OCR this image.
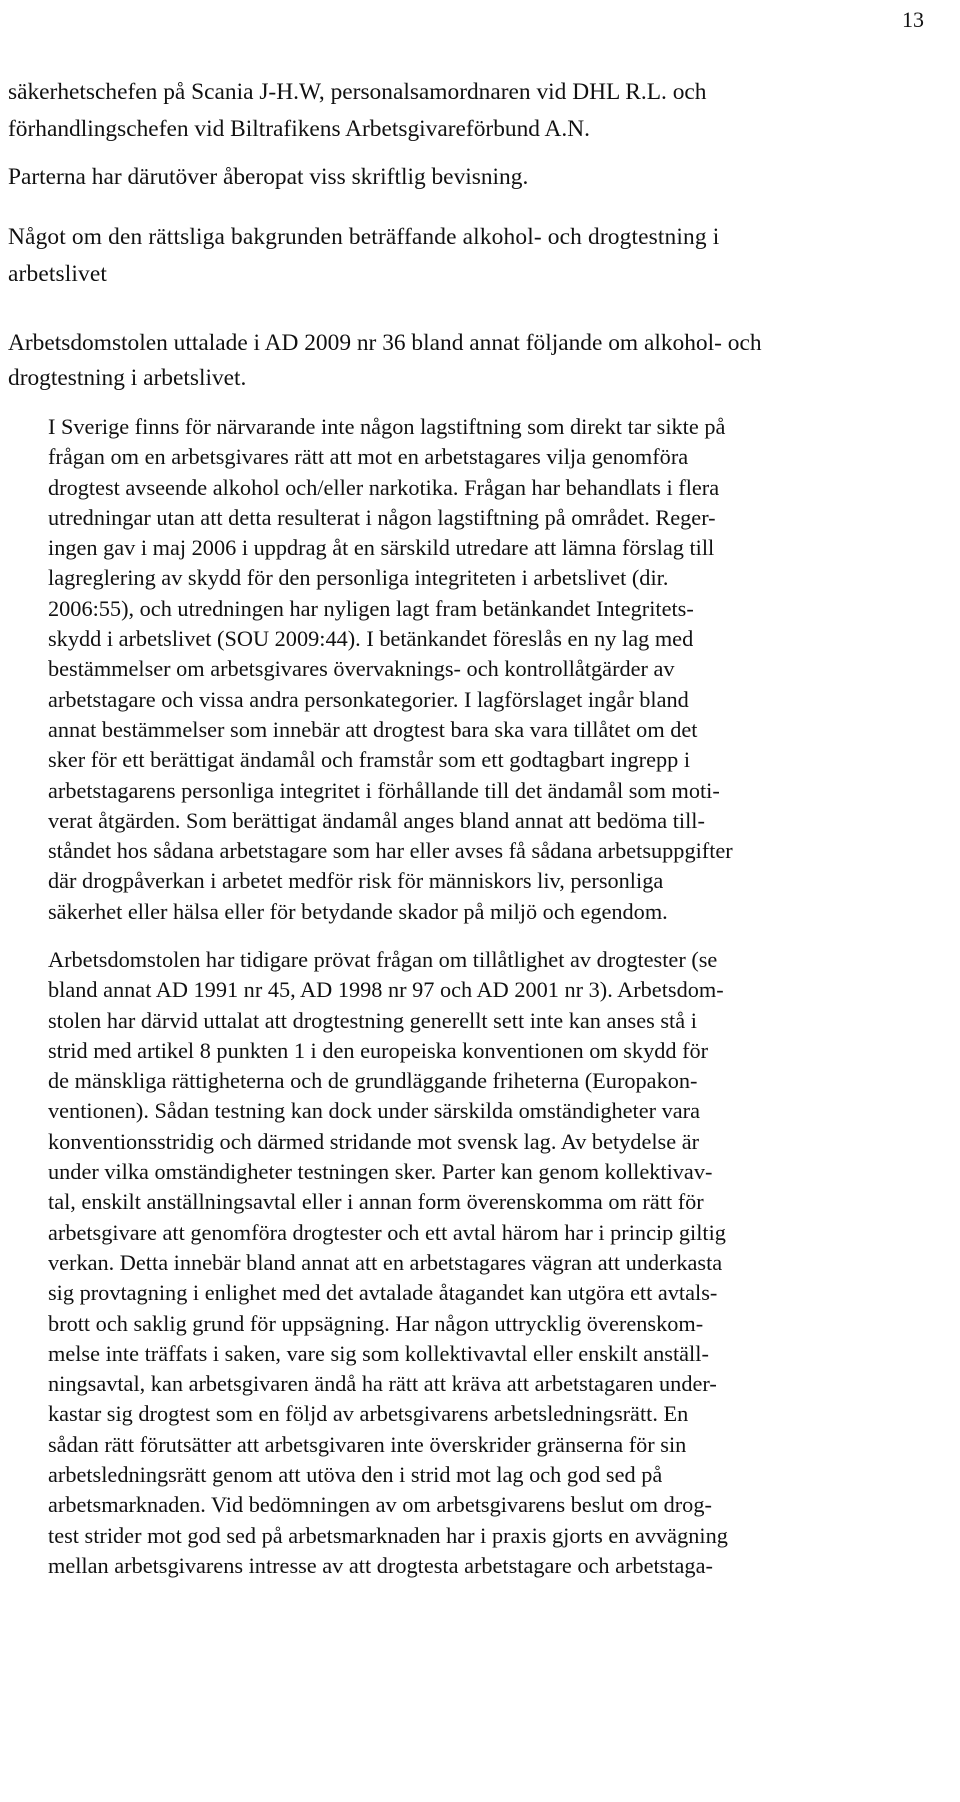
13

säkerhetschefen på Scania J-H.W, personalsamordnaren vid DHL R.L. och
förhandlingschefen vid Biltrafikens Arbetsgivareförbund A.N.

Parterna har därutöver åberopat viss skriftlig bevisning.

Något om den rättsliga bakgrunden beträffande alkohol- och drogtestning i
arbetslivet

Arbetsdomstolen uttalade i AD 2009 nr 36 bland annat följande om alkohol- och
drogtestning i arbetslivet.

I Sverige finns för närvarande inte någon lagstiftning som direkt tar sikte på
frågan om en arbetsgivares rätt att mot en arbetstagares vilja genomföra
drogtest avseende alkohol och/eller narkotika. Frågan har behandlats i flera
utredningar utan att detta resulterat i någon lagstiftning på området. Reger-
ingen gav i maj 2006 i uppdrag åt en särskild utredare att lämna förslag till
lagreglering av skydd för den personliga integriteten i arbetslivet (dir.
2006:55), och utredningen har nyligen lagt fram betänkandet Integritets-
skydd i arbetslivet (SOU 2009:44). I betänkandet föreslås en ny lag med
bestämmelser om arbetsgivares övervaknings- och kontrollåtgärder av
arbetstagare och vissa andra personkategorier. I lagförslaget ingår bland
annat bestämmelser som innebär att drogtest bara ska vara tillåtet om det
sker för ett berättigat ändamål och framstår som ett godtagbart ingrepp i
arbetstagarens personliga integritet i förhållande till det ändamål som moti-
verat åtgärden. Som berättigat ändamål anges bland annat att bedöma till-
ståndet hos sådana arbetstagare som har eller avses få sådana arbetsuppgifter
där drogpåverkan i arbetet medför risk för människors liv, personliga
säkerhet eller hälsa eller för betydande skador på miljö och egendom.
Arbetsdomstolen har tidigare prövat frågan om tillåtlighet av drogtester (se
bland annat AD 1991 nr 45, AD 1998 nr 97 och AD 2001 nr 3). Arbetsdom-
stolen har därvid uttalat att drogtestning generellt sett inte kan anses stå i
strid med artikel 8 punkten 1 i den europeiska konventionen om skydd för
de mänskliga rättigheterna och de grundläggande friheterna (Europakon-
ventionen). Sådan testning kan dock under särskilda omständigheter vara
konventionsstridig och därmed stridande mot svensk lag. Av betydelse är
under vilka omständigheter testningen sker. Parter kan genom kollektivav-
tal, enskilt anställningsavtal eller i annan form överenskomma om rätt för
arbetsgivare att genomföra drogtester och ett avtal härom har i princip giltig
verkan. Detta innebär bland annat att en arbetstagares vägran att underkasta
sig provtagning i enlighet med det avtalade åtagandet kan utgöra ett avtals-
brott och saklig grund för uppsägning. Har någon uttrycklig överenskom-
melse inte träffats i saken, vare sig som kollektivavtal eller enskilt anställ-
ningsavtal, kan arbetsgivaren ändå ha rätt att kräva att arbetstagaren under-
kastar sig drogtest som en följd av arbetsgivarens arbetsledningsrätt. En
sådan rätt förutsätter att arbetsgivaren inte överskrider gränserna för sin
arbetsledningsrätt genom att utöva den i strid mot lag och god sed på
arbetsmarknaden. Vid bedömningen av om arbetsgivarens beslut om drog-
test strider mot god sed på arbetsmarknaden har i praxis gjorts en avvägning
mellan arbetsgivarens intresse av att drogtesta arbetstagare och arbetstaga-
